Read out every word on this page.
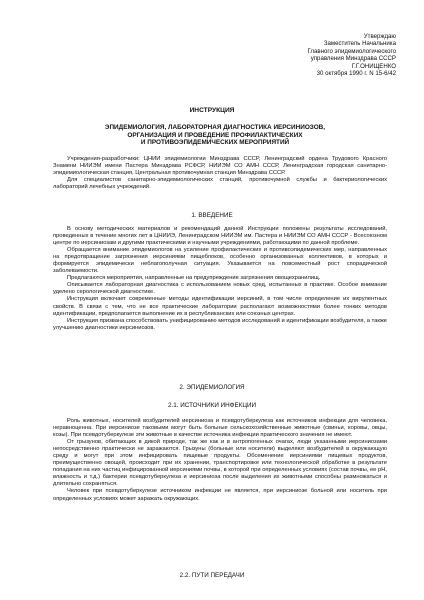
Утверждаю
Заместитель Начальника
Главного эпидемиологического
управления Минздрава СССР
Г.Г.ОНИЩЕНКО
30 октября 1990 г. N 15-6/42
ИНСТРУКЦИЯ
ЭПИДЕМИОЛОГИЯ, ЛАБОРАТОРНАЯ ДИАГНОСТИКА ИЕРСИНИОЗОВ,
ОРГАНИЗАЦИЯ И ПРОВЕДЕНИЕ ПРОФИЛАКТИЧЕСКИХ
И ПРОТИВОЭПИДЕМИЧЕСКИХ МЕРОПРИЯТИЙ

Учреждения-разработчики: ЦНИИ эпидемиологии Минздрава СССР, Ленинградский ордена Трудового Красного Знамени НИИЭМ имени Пастера Минздрава РСФСР, НИИЭМ СО АМН СССР, Ленинградская городская санитарно-эпидемиологическая станция, Центральная противочумная станция Минздрава СССР.

Для специалистов санитарно-эпидемиологических станций, противочумной службы и бактериологических лабораторий лечебных учреждений.

1. ВВЕДЕНИЕ

В основу методических материалов и рекомендаций данной Инструкции положены результаты исследований, проведенных в течение многих лет в ЦНИИЭ, Ленинградском НИИЭМ им. Пастера и НИИЭМ СО АМН СССР - Всесоюзном центре по иерсиниозам и другими практическими и научными учреждениями, работающими по данной проблеме.

Обращается внимание эпидемиологов на усиление профилактических и противоэпидемических мер, направленных на предотвращение загрязнения иерсиниями пищеблоков, особенно организованных коллективов, в которых и формируется эпидемически неблагополучная ситуация. Указывается на повсеместный рост спорадической заболеваемости.

Предлагаются мероприятия, направленные на предупреждение загрязнения овощехранилищ.

Описывается лабораторная диагностика с использованием новых сред, испытанных в практике. Особое внимание уделено серологической диагностике.

Инструкция включает современные методы идентификации иерсиний, в том числе определение их вирулентных свойств. В связи с тем, что не все практические лаборатории располагают возможностями более тонких методов идентификации, предполагается выполнение их в республиканских или союзных центрах.

Инструкция призвана способствовать унифицированию методов исследований и идентификации возбудителя, а также улучшению диагностики иерсиниозов.

2. ЭПИДЕМИОЛОГИЯ
2.1. ИСТОЧНИКИ ИНФЕКЦИИ

Роль животных, носителей возбудителей иерсиниоза и псевдотуберкулеза как источников инфекции для человека, неравноценна. При иерсиниозе таковыми могут быть больные сельскохозяйственные животные (свиньи, коровы, овцы, козы). При псевдотуберкулезе эти животные в качестве источника инфекции практического значения не имеют.

От грызунов, обитающих в дикой природе, так же как и в антропогенных очагах, люди указанными иерсиниозами непосредственно практически не заражаются. Грызуны (больные или носители) выделяют возбудителей в окружающую среду и могут при этом инфицировать пищевые продукты. Обсеменение иерсиниями пищевых продуктов, преимущественно овощей, происходит при их хранении, транспортировке или технологической обработке в результате попадания на них частиц инфицированной иерсиниями почвы, в которой при определенных условиях (состав почвы, ее pH, влажность и т.д.) бактерии псевдотуберкулеза и иерсиниоза после выделения их животными способны размножаться и длительно сохраняться.

Человек при псевдотуберкулезе источником инфекции не является, при иерсиниозе больной или носитель при определенных условиях может заражать окружающих.

2.2. ПУТИ ПЕРЕДАЧИ
